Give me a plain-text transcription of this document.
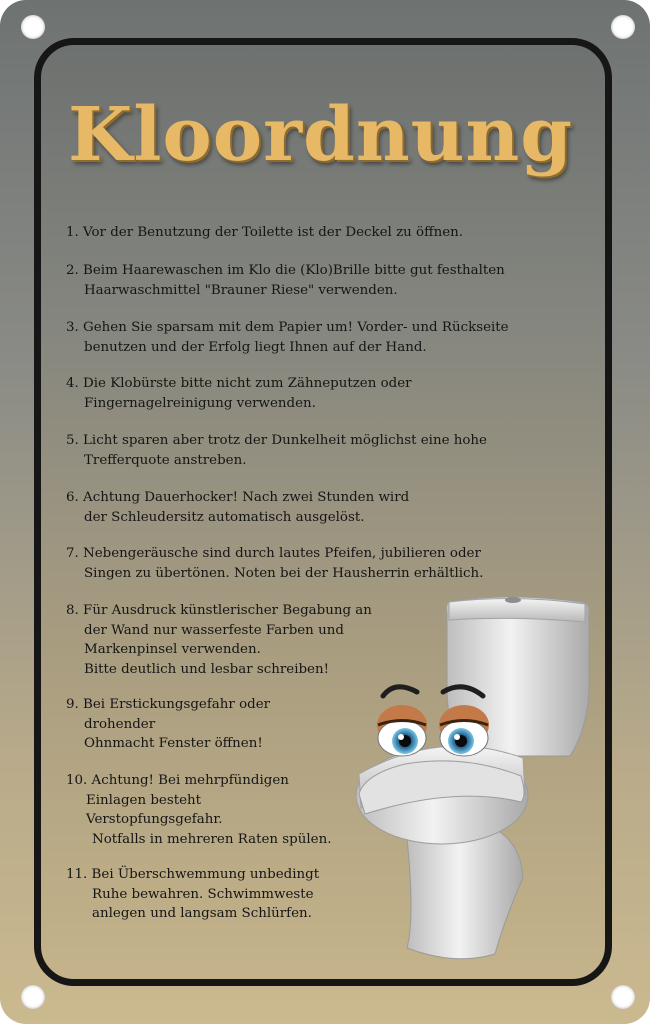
Kloordnung
1. Vor der Benutzung der Toilette ist der Deckel zu öffnen.
2. Beim Haarewaschen im Klo die (Klo)Brille bitte gut festhalten
Haarwaschmittel "Brauner Riese" verwenden.
3. Gehen Sie sparsam mit dem Papier um! Vorder- und Rückseite
benutzen und der Erfolg liegt Ihnen auf der Hand.
4. Die Klobürste bitte nicht zum Zähneputzen oder
Fingernagelreinigung verwenden.
5. Licht sparen aber trotz der Dunkelheit möglichst eine hohe
Trefferquote anstreben.
6. Achtung Dauerhocker! Nach zwei Stunden wird
der Schleudersitz automatisch ausgelöst.
7. Nebengeräusche sind durch lautes Pfeifen, jubilieren oder
Singen zu übertönen. Noten bei der Hausherrin erhältlich.
8. Für Ausdruck künstlerischer Begabung an
der Wand nur wasserfeste Farben und
Markenpinsel verwenden.
Bitte deutlich und lesbar schreiben!
9. Bei Erstickungsgefahr oder
drohender
Ohnmacht Fenster öffnen!
10. Achtung! Bei mehrpfündigen
Einlagen besteht
Verstopfungsgefahr.
Notfalls in mehreren Raten spülen.
11. Bei Überschwemmung unbedingt
Ruhe bewahren. Schwimmweste
anlegen und langsam Schlürfen.
